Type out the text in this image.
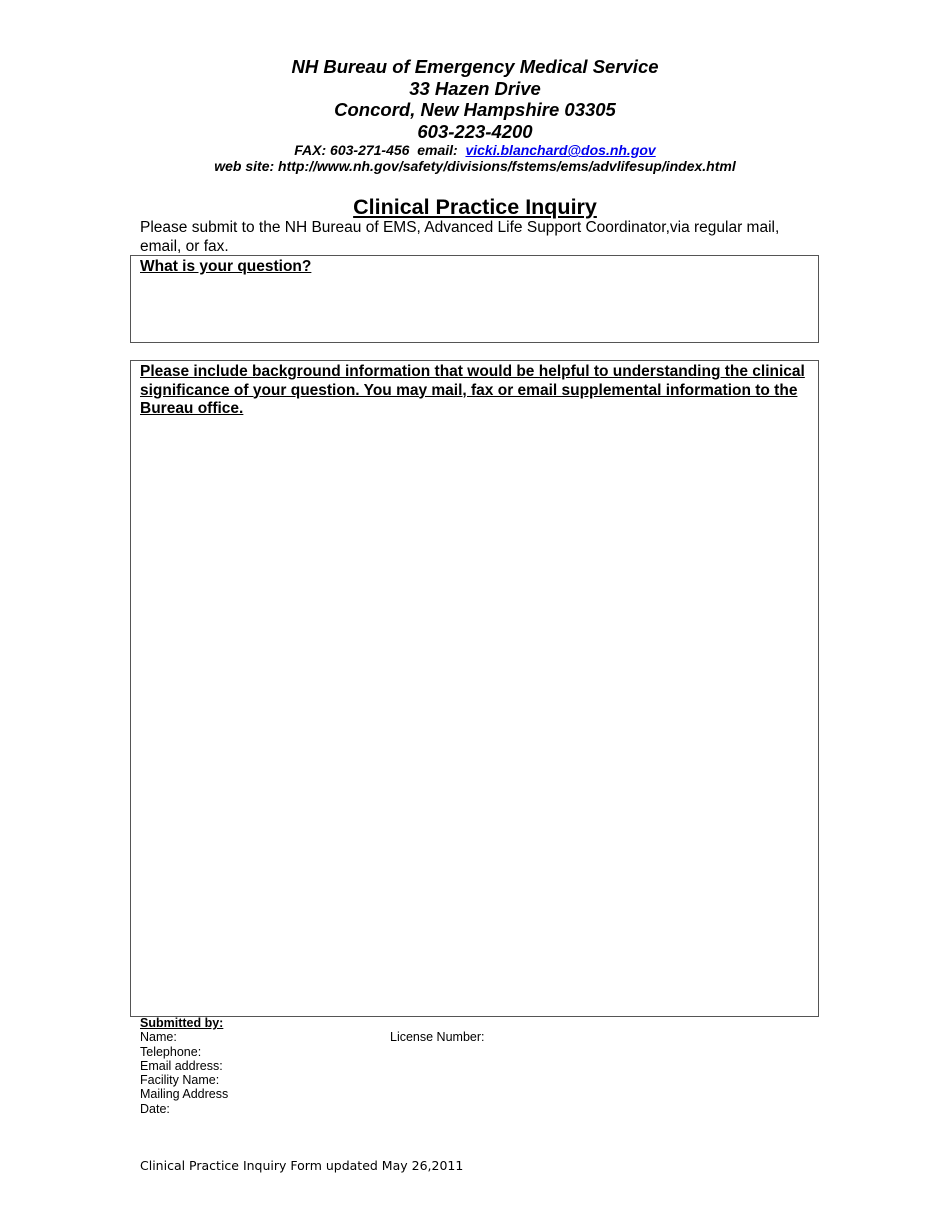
NH Bureau of Emergency Medical Service
33 Hazen Drive
Concord, New Hampshire 03305
603-223-4200
FAX: 603-271-456  email:  vicki.blanchard@dos.nh.gov
web site: http://www.nh.gov/safety/divisions/fstems/ems/advlifesup/index.html
Clinical Practice Inquiry
Please submit to the NH Bureau of EMS, Advanced Life Support Coordinator,via regular mail, email, or fax.
What is your question?
Please include background information that would be helpful to understanding the clinical significance of your question. You may mail, fax or email supplemental information to the Bureau office.
Submitted by:
Name:
Telephone:
Email address:
Facility Name:
Mailing Address
Date:
License Number:
Clinical Practice Inquiry Form updated May 26,2011
